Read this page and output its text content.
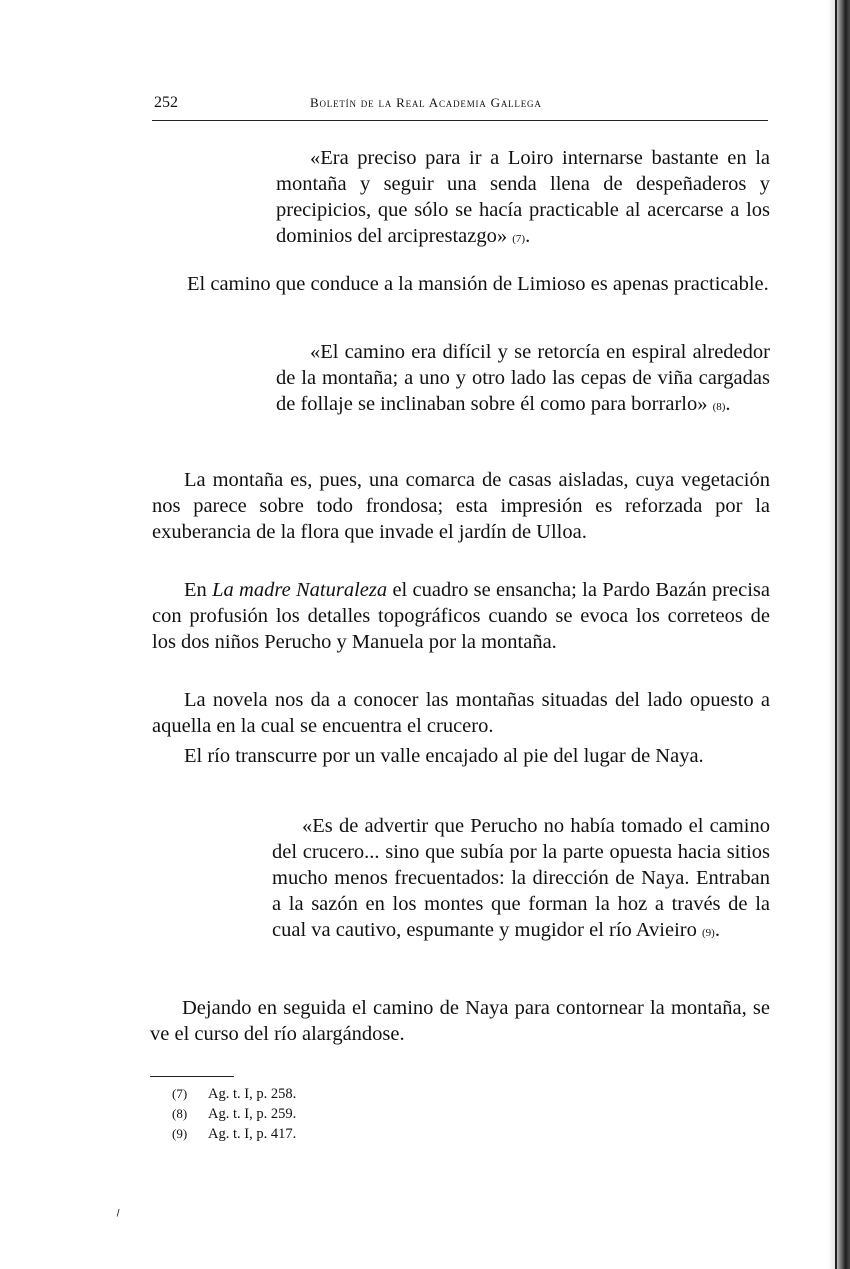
252	Boletín de la Real Academia Gallega

«Era preciso para ir a Loiro internarse bastante en la montaña y seguir una senda llena de despeñaderos y precipicios, que sólo se hacía practicable al acercarse a los dominios del arciprestazgo» (7).

El camino que conduce a la mansión de Limioso es apenas practicable.

«El camino era difícil y se retorcía en espiral alrededor de la montaña; a uno y otro lado las cepas de viña cargadas de follaje se inclinaban sobre él como para borrarlo» (8).

La montaña es, pues, una comarca de casas aisladas, cuya vegetación nos parece sobre todo frondosa; esta impresión es reforzada por la exuberancia de la flora que invade el jardín de Ulloa.

En La madre Naturaleza el cuadro se ensancha; la Pardo Bazán precisa con profusión los detalles topográficos cuando se evoca los correteos de los dos niños Perucho y Manuela por la montaña.

La novela nos da a conocer las montañas situadas del lado opuesto a aquella en la cual se encuentra el crucero.

El río transcurre por un valle encajado al pie del lugar de Naya.

«Es de advertir que Perucho no había tomado el camino del crucero... sino que subía por la parte opuesta hacia sitios mucho menos frecuentados: la dirección de Naya. Entraban a la sazón en los montes que forman la hoz a través de la cual va cautivo, espumante y mugidor el río Avieiro (9).

Dejando en seguida el camino de Naya para contornear la montaña, se ve el curso del río alargándose.

(7) Ag. t. I, p. 258.
(8) Ag. t. I, p. 259.
(9) Ag. t. I, p. 417.
⸝
